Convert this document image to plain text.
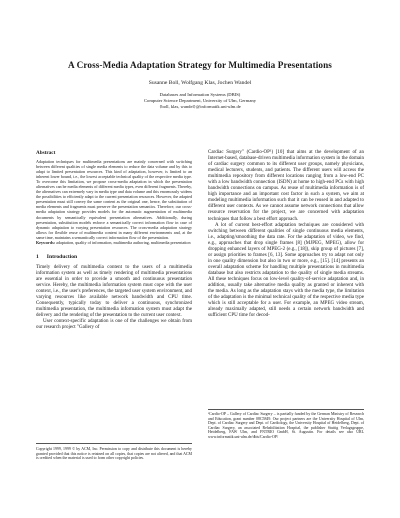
A Cross-Media Adaptation Strategy for Multimedia Presentations
Susanne Boll, Wolfgang Klas, Jochen Wandel
Databases and Information Systems (DBIS)
Computer Science Department, University of Ulm, Germany
{boll, klas, wandel}@informatik.uni-ulm.de
Abstract
Adaptation techniques for multimedia presentations are mainly concerned with switching between different qualities of single media elements to reduce the data volume and by this to adapt to limited presentation resources. This kind of adaptation, however, is limited to an inherent lower bound, i.e., the lowest acceptable technical quality of the respective media type. To overcome this limitation, we propose cross-media adaptation in which the presentation alternatives can be media elements of different media types, even different fragments. Thereby, the alternatives can extremely vary in media type and data volume and this enormously widens the possibilities to efficiently adapt to the current presentation resources. However, the adapted presentation must still convey the same content as the original one, hence, the substitution of media elements and fragments must preserve the presentation semantics. Therefore, our cross-media adaptation strategy provides models for the automatic augmentation of multimedia documents by semantically equivalent presentation alternatives. Additionally, during presentation, substitution models enforce a semantically correct information flow in case of dynamic adaptation to varying presentation resources. The cross-media adaptation strategy allows for flexible reuse of multimedia content in many different environments and, at the same time, maintains a semantically correct information flow of the presentation.
Keywords: adaptation, quality of information, multimedia authoring, multimedia presentation
1 Introduction

Timely delivery of multimedia content to the users of a multimedia information system as well as timely rendering of multimedia presentations are essential in order to provide a smooth and continuous presentation service. Hereby, the multimedia information system must cope with the user context, i.e., the user's preferences, the targeted user system environment, and varying resources like available network bandwidth and CPU time. Consequently, typically today to deliver a continuous, synchronized multimedia presentation, the multimedia information system must adapt the delivery and the rendering of the presentation to the current user context.

User context-specific adaptation is one of the challenges we obtain from our research project "Gallery of

Copyright 1999, 1999 © by ACM, Inc. Permission to copy and distribute this document is hereby granted provided that this notice is retained on all copies, that copies are not altered, and that ACM is credited when the material is used to form other copyright policies.

Cardiac Surgery" (Cardio-OP¹) [10] that aims at the development of an Internet-based, database-driven multimedia information system in the domain of cardiac surgery common to its different user groups, namely physicians, medical lecturers, students, and patients. The different users will access the multimedia repository from different locations ranging from a low-end PC with a low bandwidth connection (ISDN) at home to high-end PCs with high bandwidth connections on campus. As reuse of multimedia information is of high importance and an important cost factor in such a system, we aim at modeling multimedia information such that it can be reused in and adapted to different user contexts. As we cannot assume network connections that allow resource reservation for the project, we are concerned with adaptation techniques that follow a best effort approach.

A lot of current best-effort adaptation techniques are considered with switching between different qualities of single continuous media elements, i.e., adapting/smoothing the data rate. For the adaptation of video, we find, e.g., approaches that drop single frames [8] (MJPEG, MPEG), allow for dropping enhanced layers of MPEG-2 (e.g., [18]), skip group of pictures [7], or assign priorities to frames [6, 13]. Some approaches try to adapt not only in one quality dimension but also in two or more, e.g., [15]. [14] presents an overall adaptation scheme for handling multiple presentations in multimedia database but also restricts adaptation to the quality of single media streams. All these techniques focus on low-level quality-of-service adaptation and, in addition, usually take alternative media quality as granted or inherent with the media. As long as the adaptation stays with the media type, the limitation of the adaptation is the minimal technical quality of the respective media type which is still acceptable for a user. For example, an MPEG video stream, already maximally adapted, still needs a certain network bandwidth and sufficient CPU time for decod-

¹Cardio-OP – Gallery of Cardiac Surgery – is partially funded by the German Ministry of Research and Education, grant number 08C5849. Our project partners are the University Hospital of Ulm, Dept. of Cardiac Surgery and Dept. of Cardiology, the University Hospital of Heidelberg, Dept. of Cardiac Surgery, an associated Rehabilitation Hospital, the publisher Stuttig Verlagsgruppe, Heidelberg, FAW Ulm, and FNTRIO GmbH, St. Augustin. For details see also URL www.informatik.uni-ulm.de/dbis/Cardio-OP/
